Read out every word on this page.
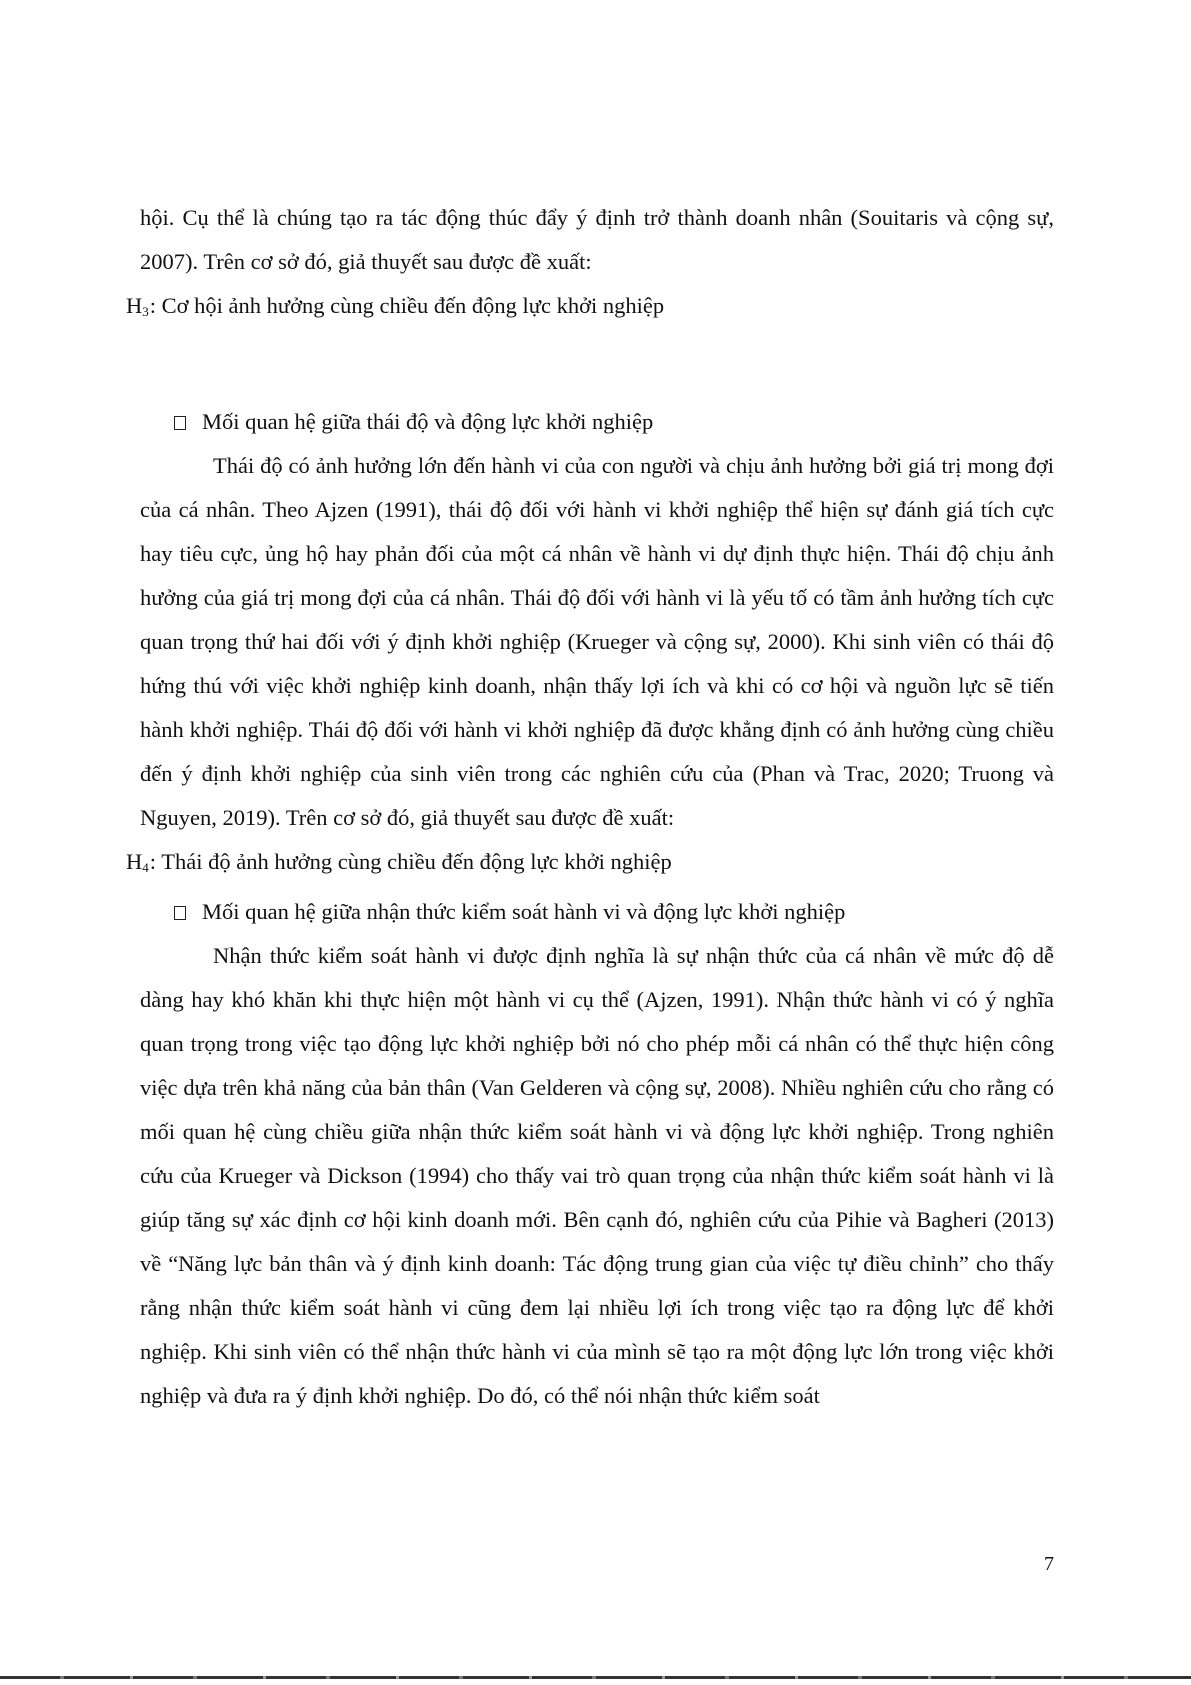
hội. Cụ thể là chúng tạo ra tác động thúc đẩy ý định trở thành doanh nhân (Souitaris và cộng sự, 2007). Trên cơ sở đó, giả thuyết sau được đề xuất:

$H_3$: Cơ hội ảnh hưởng cùng chiều đến động lực khởi nghiệp

Mối quan hệ giữa thái độ và động lực khởi nghiệp

Thái độ có ảnh hưởng lớn đến hành vi của con người và chịu ảnh hưởng bởi giá trị mong đợi của cá nhân. Theo Ajzen (1991), thái độ đối với hành vi khởi nghiệp thể hiện sự đánh giá tích cực hay tiêu cực, ủng hộ hay phản đối của một cá nhân về hành vi dự định thực hiện. Thái độ chịu ảnh hưởng của giá trị mong đợi của cá nhân. Thái độ đối với hành vi là yếu tố có tầm ảnh hưởng tích cực quan trọng thứ hai đối với ý định khởi nghiệp (Krueger và cộng sự, 2000). Khi sinh viên có thái độ hứng thú với việc khởi nghiệp kinh doanh, nhận thấy lợi ích và khi có cơ hội và nguồn lực sẽ tiến hành khởi nghiệp. Thái độ đối với hành vi khởi nghiệp đã được khẳng định có ảnh hưởng cùng chiều đến ý định khởi nghiệp của sinh viên trong các nghiên cứu của (Phan và Trac, 2020; Truong và Nguyen, 2019). Trên cơ sở đó, giả thuyết sau được đề xuất:

$H_4$: Thái độ ảnh hưởng cùng chiều đến động lực khởi nghiệp

Mối quan hệ giữa nhận thức kiểm soát hành vi và động lực khởi nghiệp

Nhận thức kiểm soát hành vi được định nghĩa là sự nhận thức của cá nhân về mức độ dễ dàng hay khó khăn khi thực hiện một hành vi cụ thể (Ajzen, 1991). Nhận thức hành vi có ý nghĩa quan trọng trong việc tạo động lực khởi nghiệp bởi nó cho phép mỗi cá nhân có thể thực hiện công việc dựa trên khả năng của bản thân (Van Gelderen và cộng sự, 2008). Nhiều nghiên cứu cho rằng có mối quan hệ cùng chiều giữa nhận thức kiểm soát hành vi và động lực khởi nghiệp. Trong nghiên cứu của Krueger và Dickson (1994) cho thấy vai trò quan trọng của nhận thức kiểm soát hành vi là giúp tăng sự xác định cơ hội kinh doanh mới. Bên cạnh đó, nghiên cứu của Pihie và Bagheri (2013) về “Năng lực bản thân và ý định kinh doanh: Tác động trung gian của việc tự điều chỉnh” cho thấy rằng nhận thức kiểm soát hành vi cũng đem lại nhiều lợi ích trong việc tạo ra động lực để khởi nghiệp. Khi sinh viên có thể nhận thức hành vi của mình sẽ tạo ra một động lực lớn trong việc khởi nghiệp và đưa ra ý định khởi nghiệp. Do đó, có thể nói nhận thức kiểm soát

7
